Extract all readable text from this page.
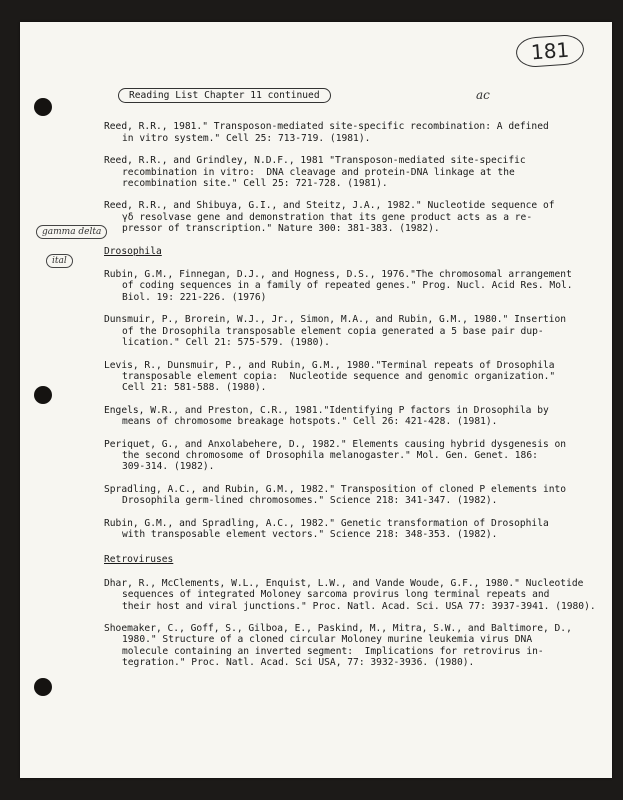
181
ac
gamma delta
ital
Reading List Chapter 11 continued
Reed, R.R., 1981." Transposon-mediated site-specific recombination: A defined
in vitro system." Cell 25: 713-719. (1981).
Reed, R.R., and Grindley, N.D.F., 1981 "Transposon-mediated site-specific
recombination in vitro:  DNA cleavage and protein-DNA linkage at the
recombination site." Cell 25: 721-728. (1981).
Reed, R.R., and Shibuya, G.I., and Steitz, J.A., 1982." Nucleotide sequence of
γδ resolvase gene and demonstration that its gene product acts as a re-
pressor of transcription." Nature 300: 381-383. (1982).
Drosophila
Rubin, G.M., Finnegan, D.J., and Hogness, D.S., 1976."The chromosomal arrangement
of coding sequences in a family of repeated genes." Prog. Nucl. Acid Res. Mol.
Biol. 19: 221-226. (1976)
Dunsmuir, P., Brorein, W.J., Jr., Simon, M.A., and Rubin, G.M., 1980." Insertion
of the Drosophila transposable element copia generated a 5 base pair dup-
lication." Cell 21: 575-579. (1980).
Levis, R., Dunsmuir, P., and Rubin, G.M., 1980."Terminal repeats of Drosophila
transposable element copia:  Nucleotide sequence and genomic organization."
Cell 21: 581-588. (1980).
Engels, W.R., and Preston, C.R., 1981."Identifying P factors in Drosophila by
means of chromosome breakage hotspots." Cell 26: 421-428. (1981).
Periquet, G., and Anxolabehere, D., 1982." Elements causing hybrid dysgenesis on
the second chromosome of Drosophila melanogaster." Mol. Gen. Genet. 186:
309-314. (1982).
Spradling, A.C., and Rubin, G.M., 1982." Transposition of cloned P elements into
Drosophila germ-lined chromosomes." Science 218: 341-347. (1982).
Rubin, G.M., and Spradling, A.C., 1982." Genetic transformation of Drosophila
with transposable element vectors." Science 218: 348-353. (1982).
Retroviruses
Dhar, R., McClements, W.L., Enquist, L.W., and Vande Woude, G.F., 1980." Nucleotide
sequences of integrated Moloney sarcoma provirus long terminal repeats and
their host and viral junctions." Proc. Natl. Acad. Sci. USA 77: 3937-3941. (1980).
Shoemaker, C., Goff, S., Gilboa, E., Paskind, M., Mitra, S.W., and Baltimore, D.,
1980." Structure of a cloned circular Moloney murine leukemia virus DNA
molecule containing an inverted segment:  Implications for retrovirus in-
tegration." Proc. Natl. Acad. Sci USA, 77: 3932-3936. (1980).
